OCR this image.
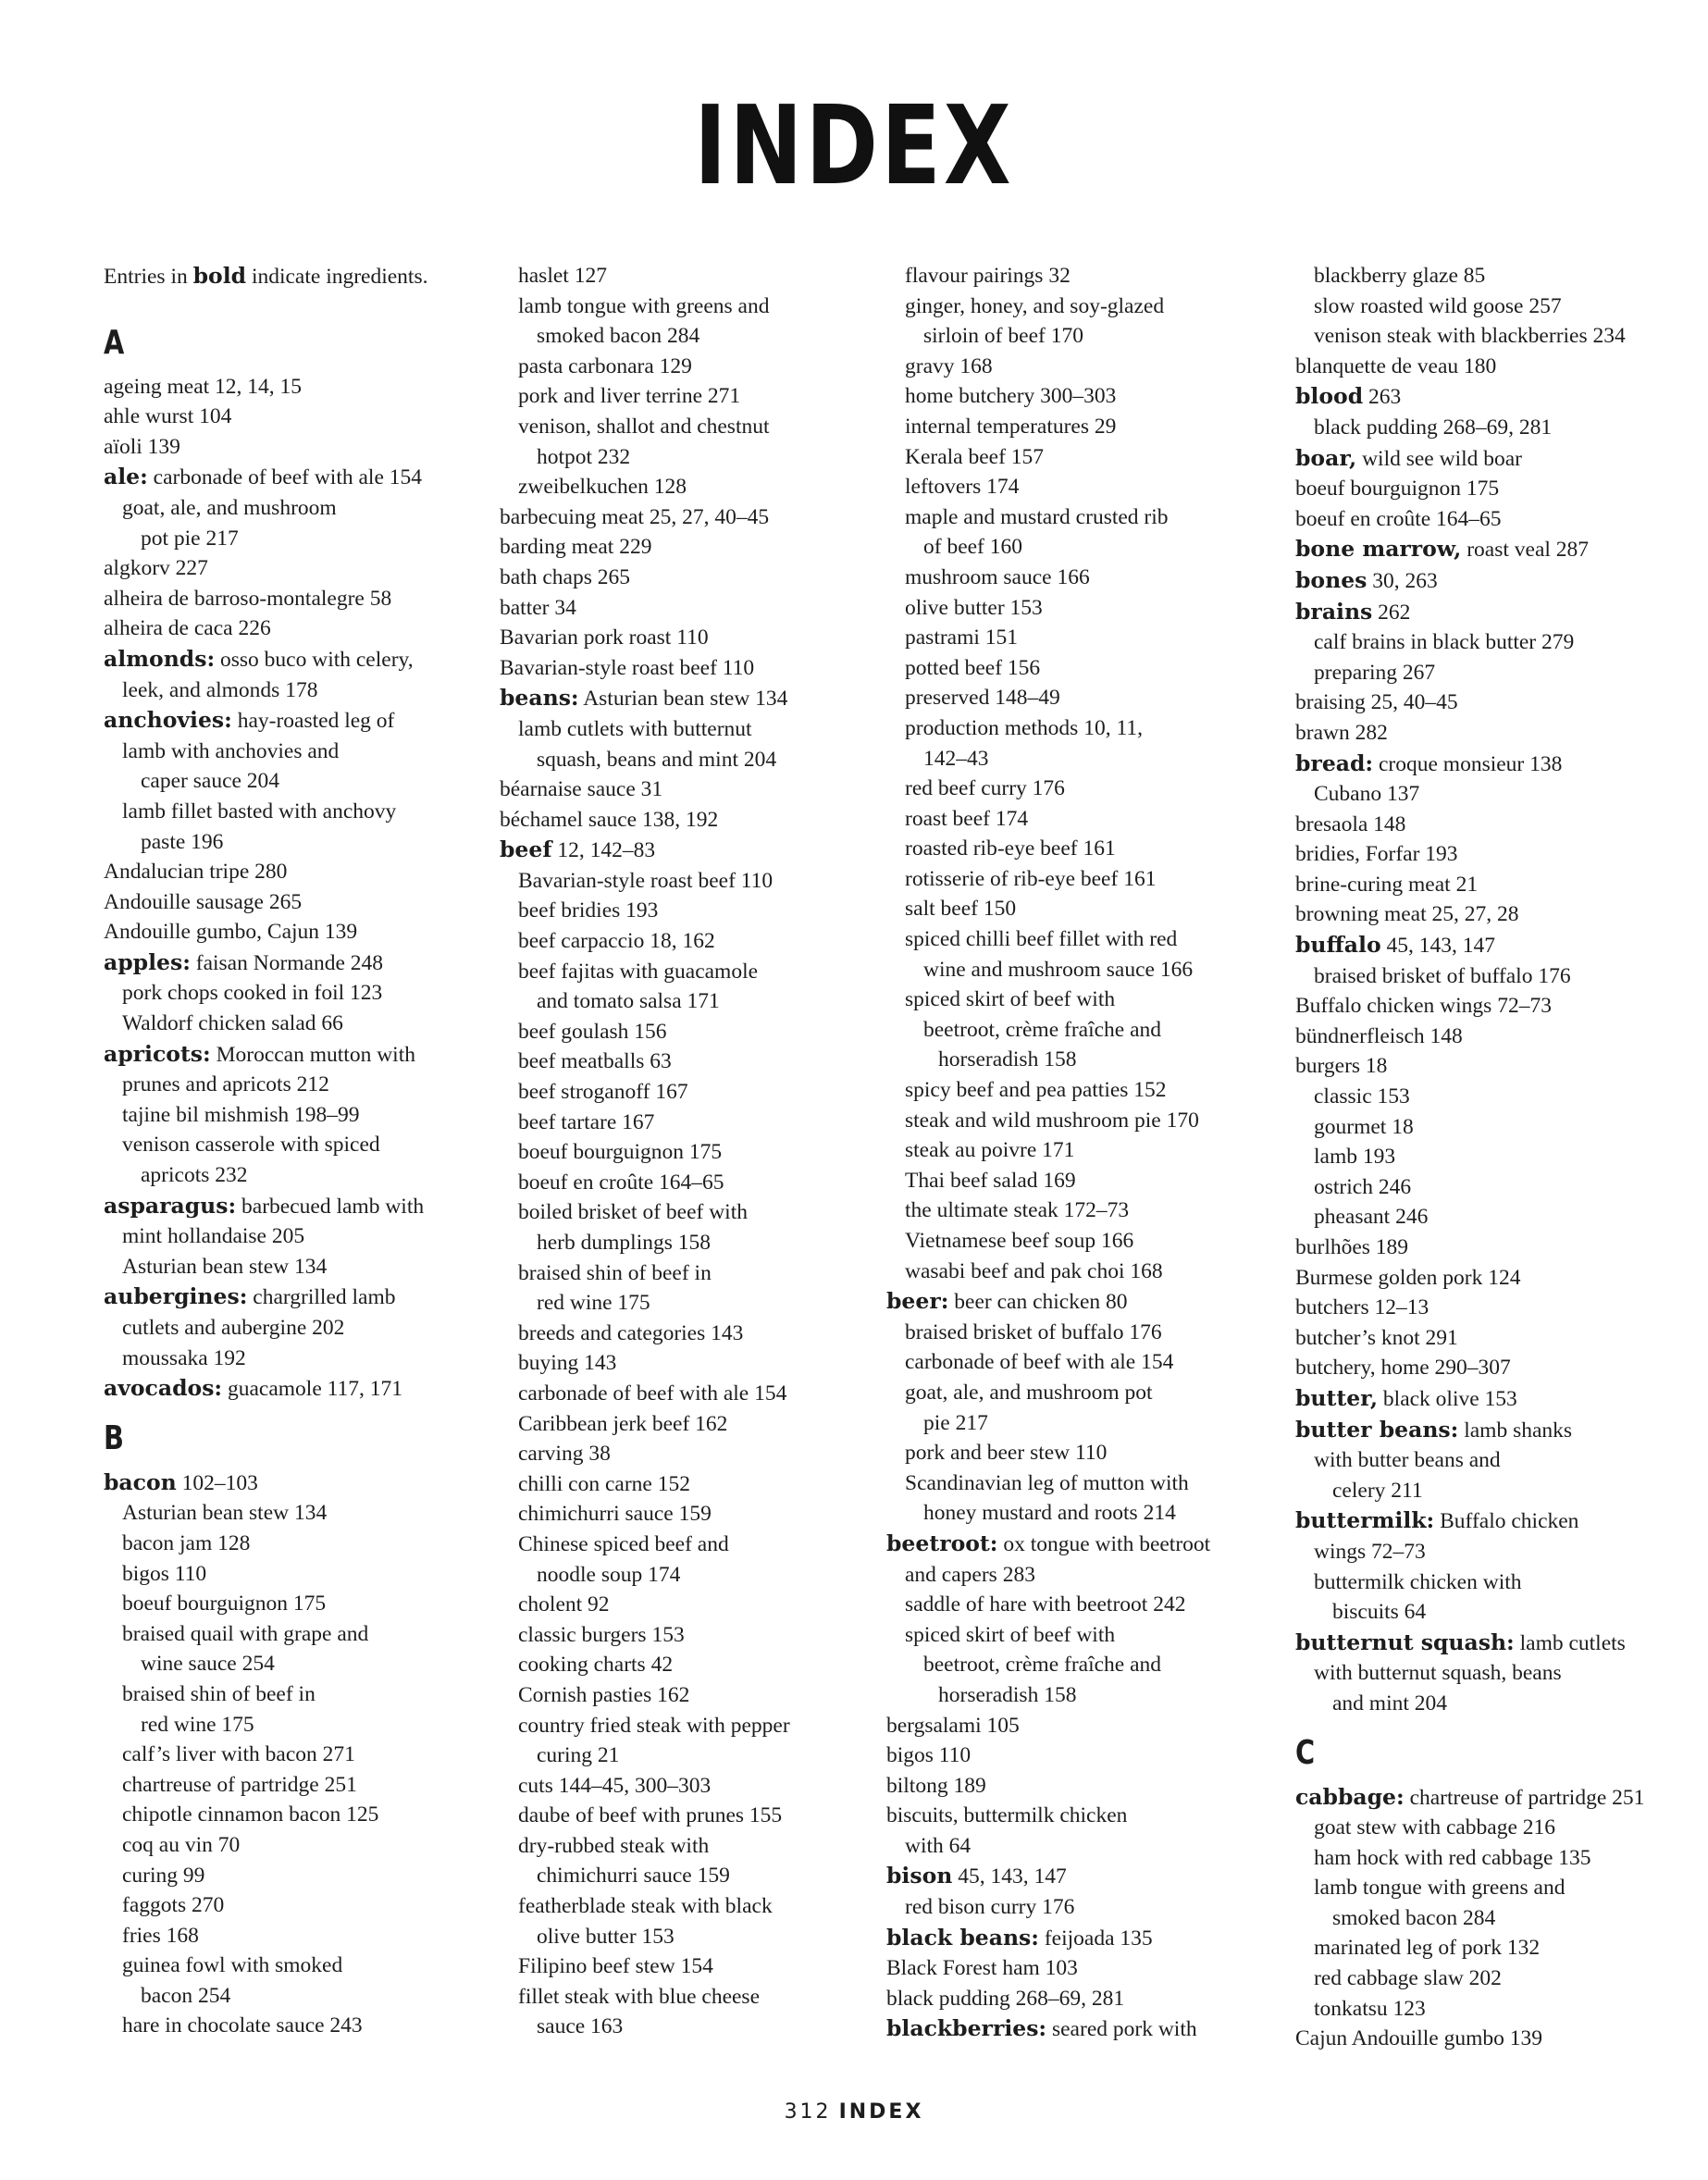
INDEX
Entries in bold indicate ingredients.
A
ageing meat 12, 14, 15
ahle wurst 104
aïoli 139
ale: carbonade of beef with ale 154
goat, ale, and mushroom
pot pie 217
algkorv 227
alheira de barroso-montalegre 58
alheira de caca 226
almonds: osso buco with celery,
leek, and almonds 178
anchovies: hay-roasted leg of
lamb with anchovies and
caper sauce 204
lamb fillet basted with anchovy
paste 196
Andalucian tripe 280
Andouille sausage 265
Andouille gumbo, Cajun 139
apples: faisan Normande 248
pork chops cooked in foil 123
Waldorf chicken salad 66
apricots: Moroccan mutton with
prunes and apricots 212
tajine bil mishmish 198–99
venison casserole with spiced
apricots 232
asparagus: barbecued lamb with
mint hollandaise 205
Asturian bean stew 134
aubergines: chargrilled lamb
cutlets and aubergine 202
moussaka 192
avocados: guacamole 117, 171
B
bacon 102–103
Asturian bean stew 134
bacon jam 128
bigos 110
boeuf bourguignon 175
braised quail with grape and
wine sauce 254
braised shin of beef in
red wine 175
calf’s liver with bacon 271
chartreuse of partridge 251
chipotle cinnamon bacon 125
coq au vin 70
curing 99
faggots 270
fries 168
guinea fowl with smoked
bacon 254
hare in chocolate sauce 243
haslet 127
lamb tongue with greens and
smoked bacon 284
pasta carbonara 129
pork and liver terrine 271
venison, shallot and chestnut
hotpot 232
zweibelkuchen 128
barbecuing meat 25, 27, 40–45
barding meat 229
bath chaps 265
batter 34
Bavarian pork roast 110
Bavarian-style roast beef 110
beans: Asturian bean stew 134
lamb cutlets with butternut
squash, beans and mint 204
béarnaise sauce 31
béchamel sauce 138, 192
beef 12, 142–83
Bavarian-style roast beef 110
beef bridies 193
beef carpaccio 18, 162
beef fajitas with guacamole
and tomato salsa 171
beef goulash 156
beef meatballs 63
beef stroganoff 167
beef tartare 167
boeuf bourguignon 175
boeuf en croûte 164–65
boiled brisket of beef with
herb dumplings 158
braised shin of beef in
red wine 175
breeds and categories 143
buying 143
carbonade of beef with ale 154
Caribbean jerk beef 162
carving 38
chilli con carne 152
chimichurri sauce 159
Chinese spiced beef and
noodle soup 174
cholent 92
classic burgers 153
cooking charts 42
Cornish pasties 162
country fried steak with pepper
curing 21
cuts 144–45, 300–303
daube of beef with prunes 155
dry-rubbed steak with
chimichurri sauce 159
featherblade steak with black
olive butter 153
Filipino beef stew 154
fillet steak with blue cheese
sauce 163
flavour pairings 32
ginger, honey, and soy-glazed
sirloin of beef 170
gravy 168
home butchery 300–303
internal temperatures 29
Kerala beef 157
leftovers 174
maple and mustard crusted rib
of beef 160
mushroom sauce 166
olive butter 153
pastrami 151
potted beef 156
preserved 148–49
production methods 10, 11,
142–43
red beef curry 176
roast beef 174
roasted rib-eye beef 161
rotisserie of rib-eye beef 161
salt beef 150
spiced chilli beef fillet with red
wine and mushroom sauce 166
spiced skirt of beef with
beetroot, crème fraîche and
horseradish 158
spicy beef and pea patties 152
steak and wild mushroom pie 170
steak au poivre 171
Thai beef salad 169
the ultimate steak 172–73
Vietnamese beef soup 166
wasabi beef and pak choi 168
beer: beer can chicken 80
braised brisket of buffalo 176
carbonade of beef with ale 154
goat, ale, and mushroom pot
pie 217
pork and beer stew 110
Scandinavian leg of mutton with
honey mustard and roots 214
beetroot: ox tongue with beetroot
and capers 283
saddle of hare with beetroot 242
spiced skirt of beef with
beetroot, crème fraîche and
horseradish 158
bergsalami 105
bigos 110
biltong 189
biscuits, buttermilk chicken
with 64
bison 45, 143, 147
red bison curry 176
black beans: feijoada 135
Black Forest ham 103
black pudding 268–69, 281
blackberries: seared pork with
blackberry glaze 85
slow roasted wild goose 257
venison steak with blackberries 234
blanquette de veau 180
blood 263
black pudding 268–69, 281
boar, wild see wild boar
boeuf bourguignon 175
boeuf en croûte 164–65
bone marrow, roast veal 287
bones 30, 263
brains 262
calf brains in black butter 279
preparing 267
braising 25, 40–45
brawn 282
bread: croque monsieur 138
Cubano 137
bresaola 148
bridies, Forfar 193
brine-curing meat 21
browning meat 25, 27, 28
buffalo 45, 143, 147
braised brisket of buffalo 176
Buffalo chicken wings 72–73
bündnerfleisch 148
burgers 18
classic 153
gourmet 18
lamb 193
ostrich 246
pheasant 246
burlhões 189
Burmese golden pork 124
butchers 12–13
butcher’s knot 291
butchery, home 290–307
butter, black olive 153
butter beans: lamb shanks
with butter beans and
celery 211
buttermilk: Buffalo chicken
wings 72–73
buttermilk chicken with
biscuits 64
butternut squash: lamb cutlets
with butternut squash, beans
and mint 204
C
cabbage: chartreuse of partridge 251
goat stew with cabbage 216
ham hock with red cabbage 135
lamb tongue with greens and
smoked bacon 284
marinated leg of pork 132
red cabbage slaw 202
tonkatsu 123
Cajun Andouille gumbo 139
312 INDEX
